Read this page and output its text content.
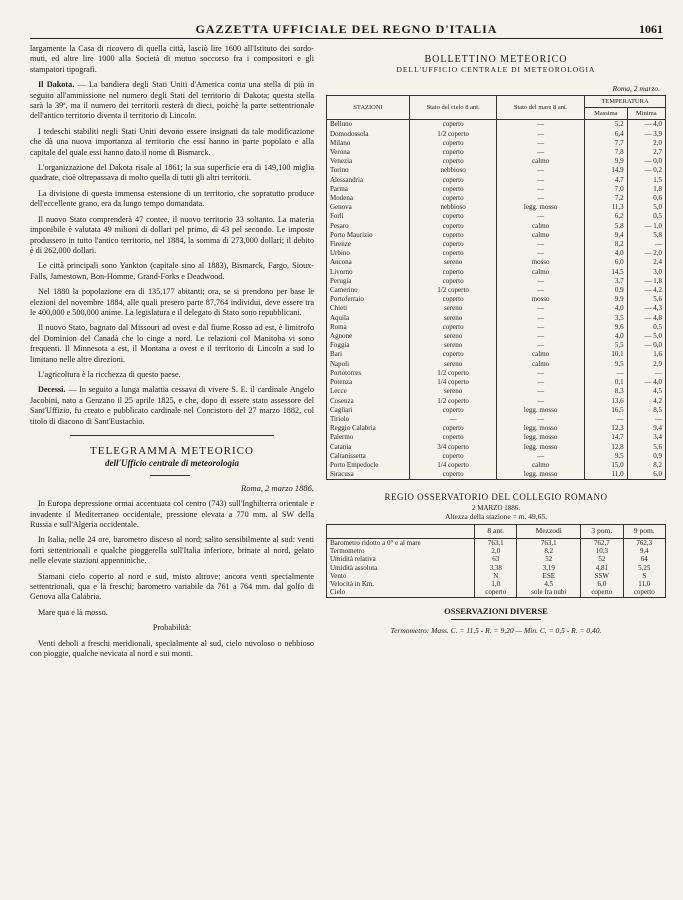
GAZZETTA UFFICIALE DEL REGNO D'ITALIA	1061

largamente la Casa di ricovero di quella città, lasciò lire 1600 all'Istituto dei sordo-muti, ed altre lire 1000 alla Società di mutuo soccorso fra i compositori e gli stampatori tipografi.

Il Dakota. — La bandiera degli Stati Uniti d'America conta una stella di più in seguito all'ammissione nel numero degli Stati del territorio di Dakota; questa stella sarà la 39ª, ma il numero dei territorii resterà di dieci, poichè la parte settentrionale dell'antico territorio diventa il territorio di Lincoln.

I tedeschi stabiliti negli Stati Uniti devono essere insignati da tale modificazione che dà una nuova importanza al territorio che essi hanno in parte popolato e alla capitale del quale essi hanno dato il nome di Bismarck.

L'organizzazione del Dakota risale al 1861; la sua superficie era di 149,100 miglia quadrate, cioè oltrepassava di molto quella di tutti gli altri territorii.

La divisione di questa immensa estensione di un territorio, che sopratutto produce dell'eccellente grano, era da lungo tempo domandata.

Il nuovo Stato comprenderà 47 contee, il nuovo territorio 33 soltanto. La materia imponibile è valutata 49 milioni di dollari pel primo, di 43 pel secondo. Le imposte produssero in tutto l'antico territorio, nel 1884, la somma di 273,000 dollari; il debito è di 262,000 dollari.

Le città principali sono Yankton (capitale sino al 1883), Bismarck, Fargo, Sioux-Falls, Jamestown, Bon-Homme, Grand-Forks e Deadwood.

Nel 1880 la popolazione era di 135,177 abitanti; ora, se si prendono per base le elezioni del novembre 1884, alle quali presero parte 87,764 individui, deve essere tra le 400,000 e 500,000 anime. La legislatura e il delegato di Stato sono repubblicani.

Il nuovo Stato, bagnato dal Missouri ad ovest e dal fiume Rosso ad est, è limitrofo del Dominion del Canadà che lo cinge a nord. Le relazioni col Manitoba vi sono frequenti. Il Minnesota a est, il Montana a ovest e il territorio di Lincoln a sud lo limitano nelle altre direzioni.

L'agricoltura è la ricchezza di questo paese.

Decessi. — In seguito a lunga malattia cessava di vivere S. E. il cardinale Angelo Jacobini, nato a Genzano il 25 aprile 1825, e che, dopo di essere stato assessore del Sant'Uffizio, fu creato e pubblicato cardinale nel Concistoro del 27 marzo 1882, col titolo di diacono di Sant'Eustachio.

TELEGRAMMA METEORICO
dell'Ufficio centrale di meteorologia
Roma, 2 marzo 1886.

In Europa depressione ormai accentuata col centro (743) sull'Inghilterra orientale e invadente il Mediterraneo occidentale, pressione elevata a 770 mm. al SW della Russia e sull'Algeria occidentale.

In Italia, nelle 24 ore, barometro disceso al nord; salito sensibilmente al sud: venti forti settentrionali e qualche pioggerella sull'Italia inferiore, brinate al nord, gelato nelle elevate stazioni appenniniche.

Stamani cielo coperto al nord e sud, misto altrove; ancora venti specialmente settentrionali, qua e là freschi; barometro variabile da 761 a 764 mm. dal golfo di Genova alla Calabria.

Mare qua e là mosso.

Probabilità:

Venti deboli a freschi meridionali, specialmente al sud, cielo nuvoloso o nebbioso con pioggie, qualche nevicata al nord e sui monti.

BOLLETTINO METEORICO
DELL'UFFICIO CENTRALE DI METEOROLOGIA
Roma, 2 marzo.
STAZIONI	Stato del cielo 8 ant.	Stato del mare 8 ant.	TEMPERATURA	
			Massima	Minima
Belluno	coperto	—	5,2	— 4,0
Domodossola	1/2 coperto	—	6,4	— 3,9
Milano	coperto	—	7,7	2,0
Verona	coperto	—	7,8	2,7
Venezia	coperto	calmo	9,9	— 0,0
Torino	nebbioso	—	14,9	— 0,2
Alessandria	coperto	—	4,7	1,5
Parma	coperto	—	7,0	1,8
Modena	coperto	—	7,2	0,6
Genova	nebbioso	legg. mosso	11,3	5,0
Forlì	coperto	—	6,2	0,5
Pesaro	coperto	calmo	5,8	— 1,0
Porto Maurizio	coperto	calmo	9,4	5,8
Firenze	coperto	—	8,2	—
Urbino	coperto	—	4,0	— 2,0
Ancona	sereno	mosso	6,0	2,4
Livorno	coperto	calmo	14,5	3,0
Perugia	coperto	—	3,7	— 1,8
Camerino	1/2 coperto	—	0,9	— 4,2
Portoferraio	coperto	mosso	9,9	5,6
Chieti	sereno	—	4,0	— 4,3
Aquila	sereno	—	3,5	— 4,8
Roma	coperto	—	9,6	0,5
Agnone	sereno	—	4,0	— 5,0
Foggia	sereno	—	5,5	— 0,0
Bari	coperto	calmo	10,1	1,6
Napoli	sereno	calmo	9,5	2,9
Portotorres	1/2 coperto	—	—	—
Potenza	1/4 coperto	—	0,1	— 4,0
Lecce	sereno	—	8,3	4,5
Cosenza	1/2 coperto	—	13,6	4,2
Cagliari	coperto	legg. mosso	16,5	8,5
Tiriolo	—	—	—	—
Reggio Calabria	coperto	legg. mosso	12,3	9,4
Palermo	coperto	legg. mosso	14,7	3,4
Catania	3/4 coperto	legg. mosso	12,8	5,6
Caltanissetta	coperto	—	9,5	0,9
Porto Empedocle	1/4 coperto	calmo	15,0	8,2
Siracusa	coperto	legg. mosso	11,0	6,0
REGIO OSSERVATORIO DEL COLLEGIO ROMANO
2 MARZO 1886.
Altezza della stazione = m. 49,65.
	8 ant.	Mezzodì	3 pom.	9 pom.
Barometro ridotto a 0° e al mare	763,1	763,1	762,7	762,3
Termometro	2,0	8,2	10,3	9,4
Umidità relativa	63	52	52	64
Umidità assoluta	3,38	3,19	4,81	5,25
Vento	N	ESE	SSW	S
Velocità in Km.	1,0	4,5	6,0	11,0
Cielo	coperto	sole fra nubi	coperto	coperto
OSSERVAZIONI DIVERSE
Termometro: Mass. C. = 11,5 - R. = 9,20 — Min. C. = 0,5 - R. = 0,40.
